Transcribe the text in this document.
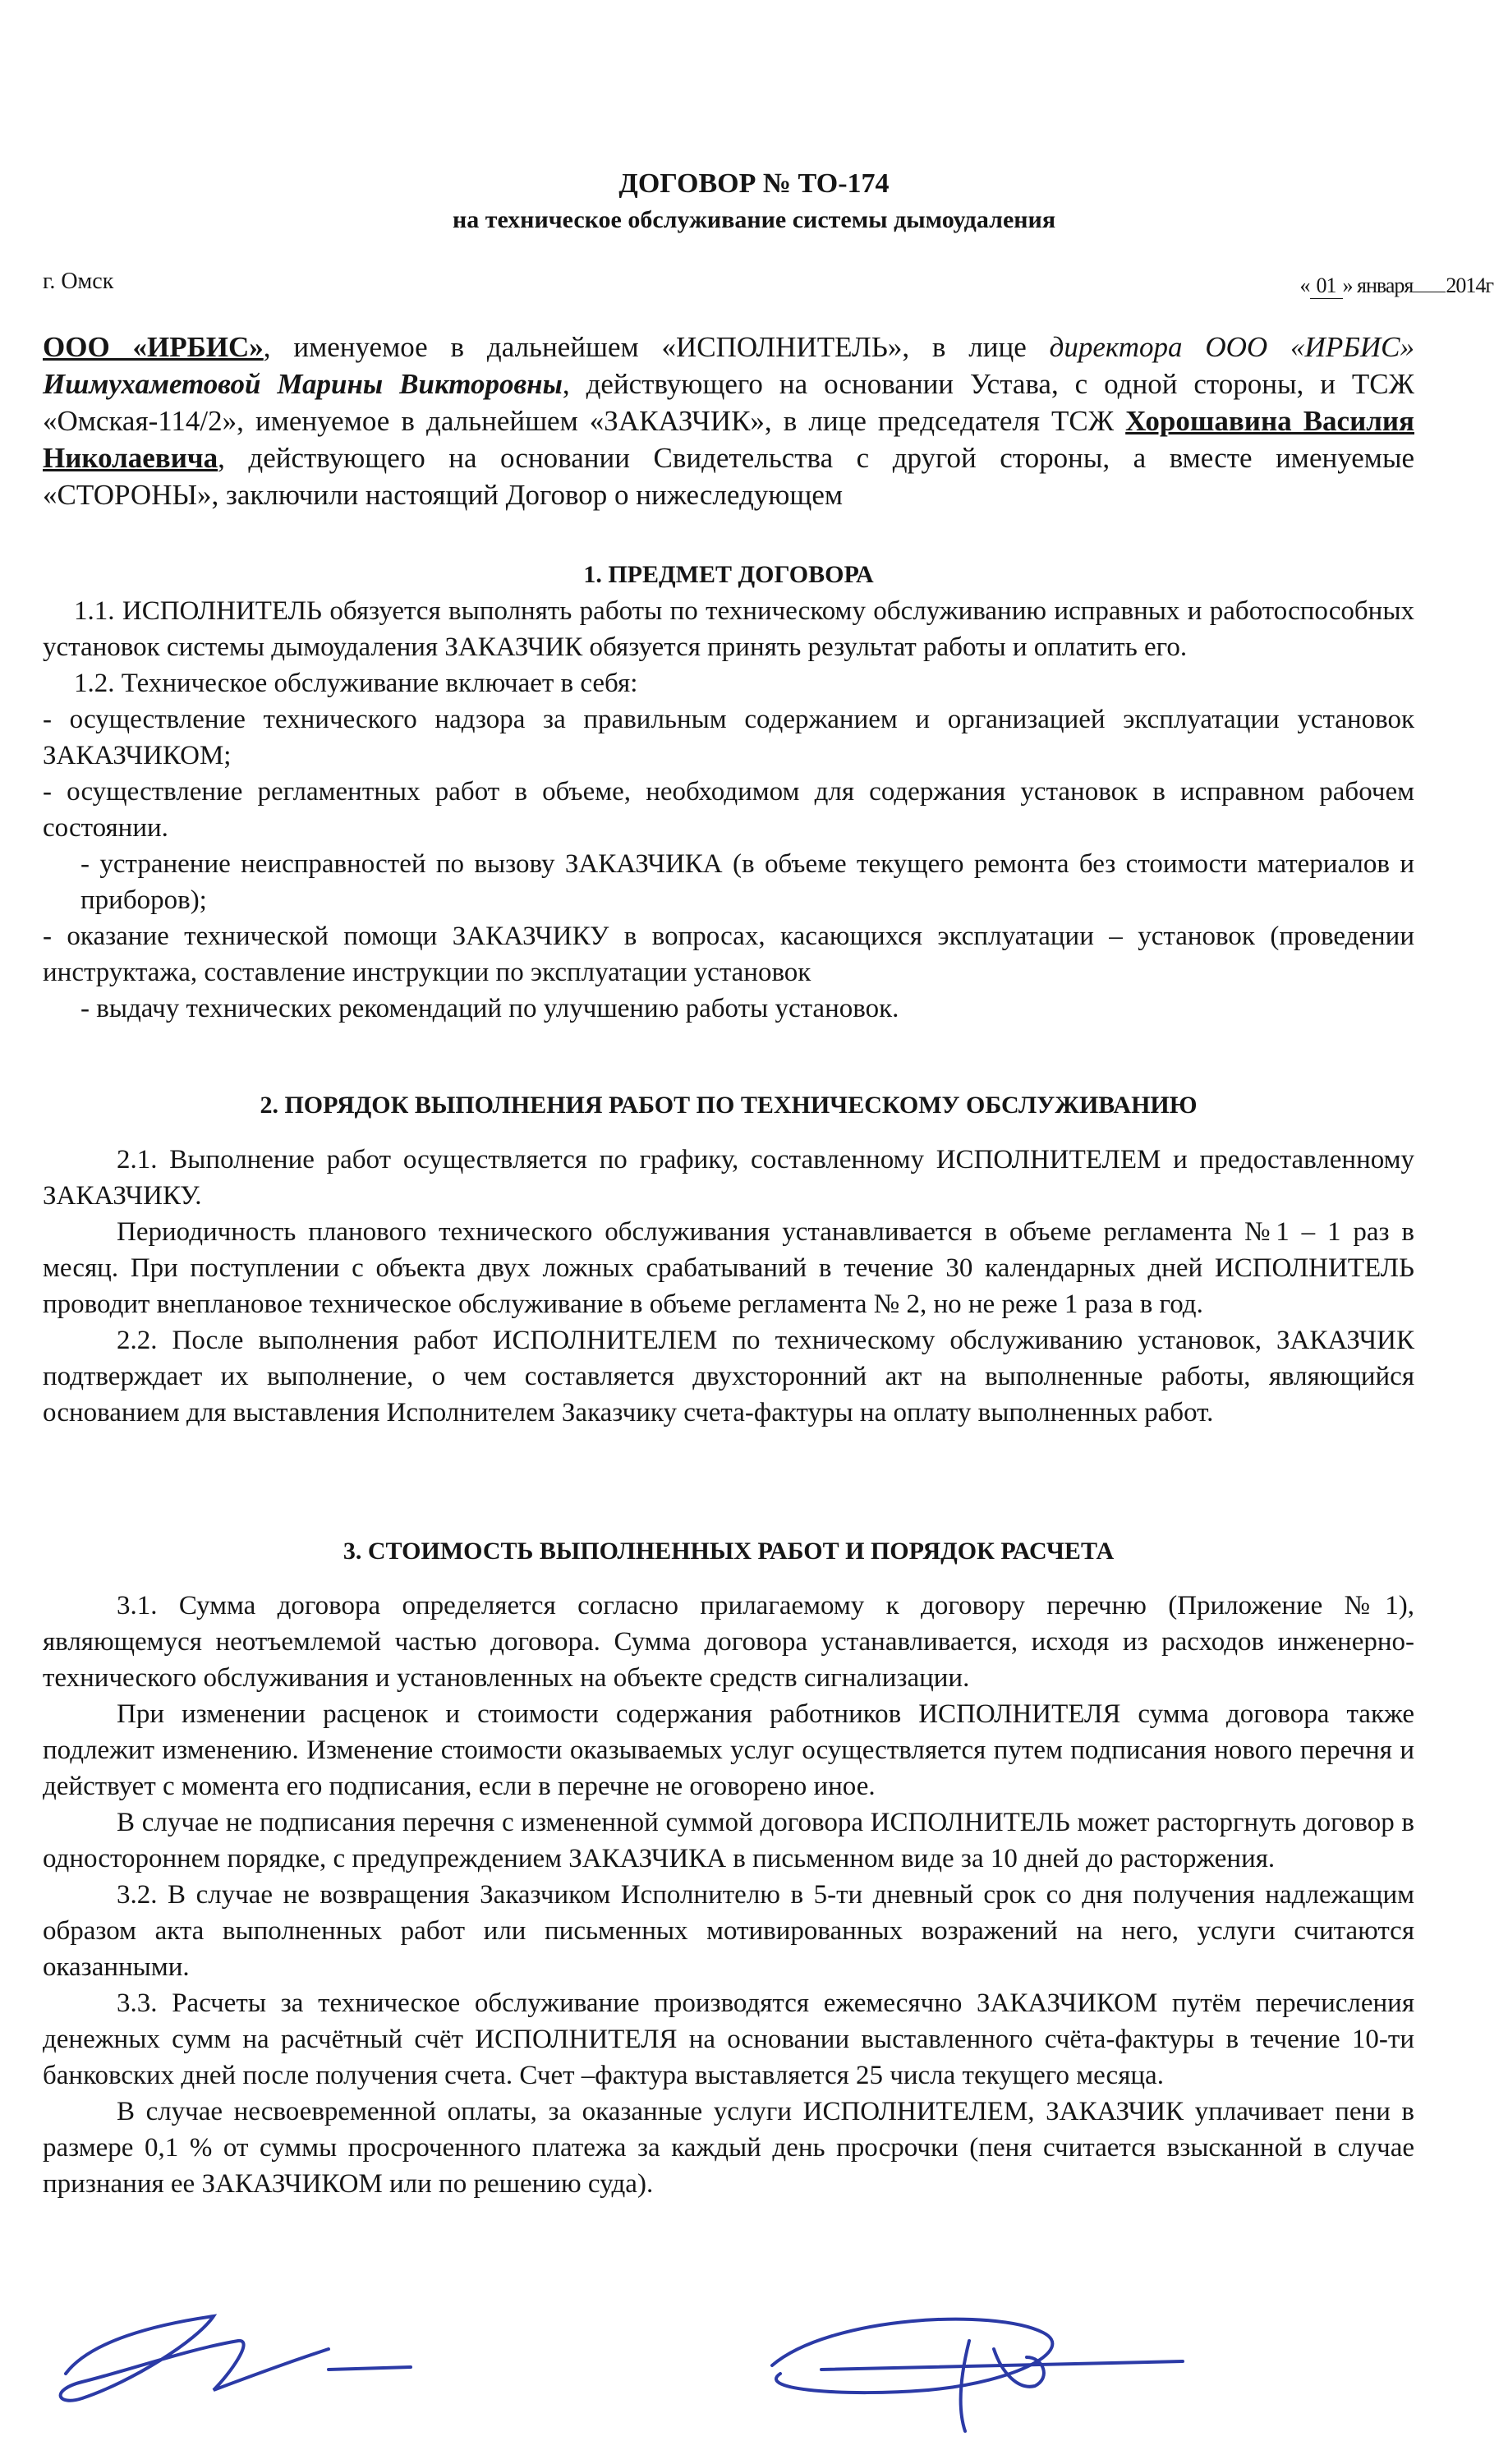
ДОГОВОР № ТО-174
на техническое обслуживание системы дымоудаления
г. Омск	« 01 » января 2014г

ООО «ИРБИС», именуемое в дальнейшем «ИСПОЛНИТЕЛЬ», в лице директора ООО «ИРБИС» Ишмухаметовой Марины Викторовны, действующего на основании Устава, с одной стороны, и ТСЖ «Омская-114/2», именуемое в дальнейшем «ЗАКАЗЧИК», в лице председателя ТСЖ Хорошавина Василия Николаевича, действующего на основании Свидетельства с другой стороны, а вместе именуемые «СТОРОНЫ», заключили настоящий Договор о нижеследующем

1. ПРЕДМЕТ ДОГОВОРА

1.1. ИСПОЛНИТЕЛЬ обязуется выполнять работы по техническому обслуживанию исправных и работоспособных установок системы дымоудаления ЗАКАЗЧИК обязуется принять результат работы и оплатить его.

1.2. Техническое обслуживание включает в себя:

- осуществление технического надзора за правильным содержанием и организацией эксплуатации установок ЗАКАЗЧИКОМ;

- осуществление регламентных работ в объеме, необходимом для содержания установок в исправном рабочем состоянии.

- устранение неисправностей по вызову ЗАКАЗЧИКА (в объеме текущего ремонта без стоимости материалов и приборов);

- оказание технической помощи ЗАКАЗЧИКУ в вопросах, касающихся эксплуатации – установок (проведении инструктажа, составление инструкции по эксплуатации установок

- выдачу технических рекомендаций по улучшению работы установок.

2. ПОРЯДОК ВЫПОЛНЕНИЯ РАБОТ ПО ТЕХНИЧЕСКОМУ ОБСЛУЖИВАНИЮ

2.1. Выполнение работ осуществляется по графику, составленному ИСПОЛНИТЕЛЕМ и предоставленному ЗАКАЗЧИКУ.

Периодичность планового технического обслуживания устанавливается в объеме регламента №1 – 1 раз в месяц. При поступлении с объекта двух ложных срабатываний в течение 30 календарных дней ИСПОЛНИТЕЛЬ проводит внеплановое техническое обслуживание в объеме регламента № 2, но не реже 1 раза в год.

2.2. После выполнения работ ИСПОЛНИТЕЛЕМ по техническому обслуживанию установок, ЗАКАЗЧИК подтверждает их выполнение, о чем составляется двухсторонний акт на выполненные работы, являющийся основанием для выставления Исполнителем Заказчику счета-фактуры на оплату выполненных работ.

3. СТОИМОСТЬ ВЫПОЛНЕННЫХ РАБОТ И ПОРЯДОК РАСЧЕТА

3.1. Сумма договора определяется согласно прилагаемому к договору перечню (Приложение №1), являющемуся неотъемлемой частью договора. Сумма договора устанавливается, исходя из расходов инженерно-технического обслуживания и установленных на объекте средств сигнализации.

При изменении расценок и стоимости содержания работников ИСПОЛНИТЕЛЯ сумма договора также подлежит изменению. Изменение стоимости оказываемых услуг осуществляется путем подписания нового перечня и действует с момента его подписания, если в перечне не оговорено иное.

В случае не подписания перечня с измененной суммой договора ИСПОЛНИТЕЛЬ может расторгнуть договор в одностороннем порядке, с предупреждением ЗАКАЗЧИКА в письменном виде за 10 дней до расторжения.

3.2. В случае не возвращения Заказчиком Исполнителю в 5-ти дневный срок со дня получения надлежащим образом акта выполненных работ или письменных мотивированных возражений на него, услуги считаются оказанными.

3.3. Расчеты за техническое обслуживание производятся ежемесячно ЗАКАЗЧИКОМ путём перечисления денежных сумм на расчётный счёт ИСПОЛНИТЕЛЯ на основании выставленного счёта-фактуры в течение 10-ти банковских дней после получения счета. Счет –фактура выставляется 25 числа текущего месяца.

В случае несвоевременной оплаты, за оказанные услуги ИСПОЛНИТЕЛЕМ, ЗАКАЗЧИК уплачивает пени в размере 0,1 % от суммы просроченного платежа за каждый день просрочки (пеня считается взысканной в случае признания ее ЗАКАЗЧИКОМ или по решению суда).
